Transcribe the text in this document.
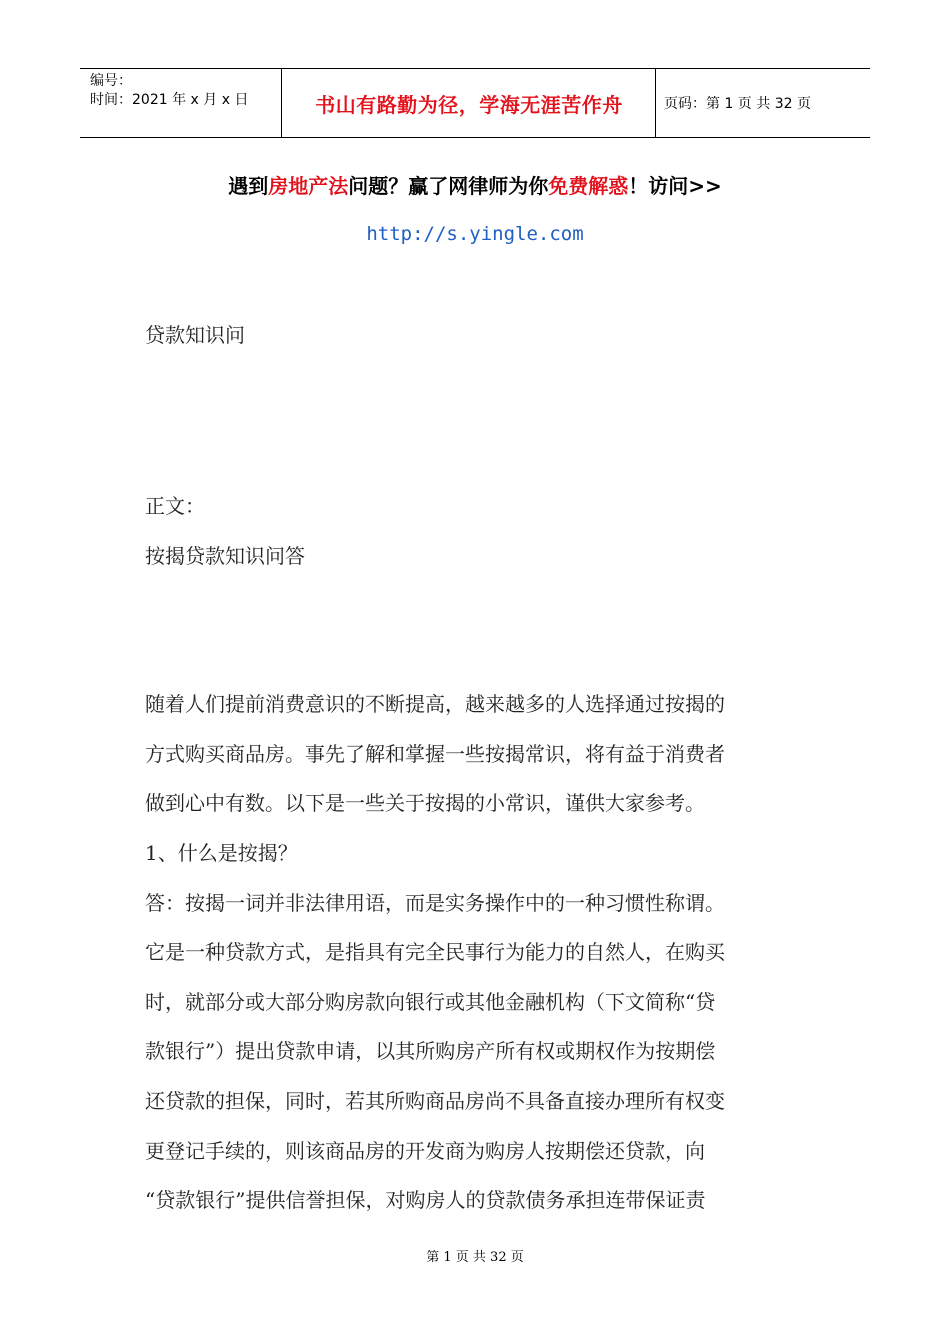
编号：
时间：2021 年 x 月 x 日	书山有路勤为径，学海无涯苦作舟	页码：第 1 页 共 32 页
遇到房地产法问题？赢了网律师为你免费解惑！访问>>
http://s.yingle.com
贷款知识问
正文：
按揭贷款知识问答
随着人们提前消费意识的不断提高，越来越多的人选择通过按揭的
方式购买商品房。事先了解和掌握一些按揭常识，将有益于消费者
做到心中有数。以下是一些关于按揭的小常识，谨供大家参考。
1、什么是按揭？
答：按揭一词并非法律用语，而是实务操作中的一种习惯性称谓。
它是一种贷款方式，是指具有完全民事行为能力的自然人，在购买
时，就部分或大部分购房款向银行或其他金融机构（下文简称“贷
款银行”）提出贷款申请，以其所购房产所有权或期权作为按期偿
还贷款的担保，同时，若其所购商品房尚不具备直接办理所有权变
更登记手续的，则该商品房的开发商为购房人按期偿还贷款，向
“贷款银行”提供信誉担保，对购房人的贷款债务承担连带保证责
第 1 页 共 32 页
